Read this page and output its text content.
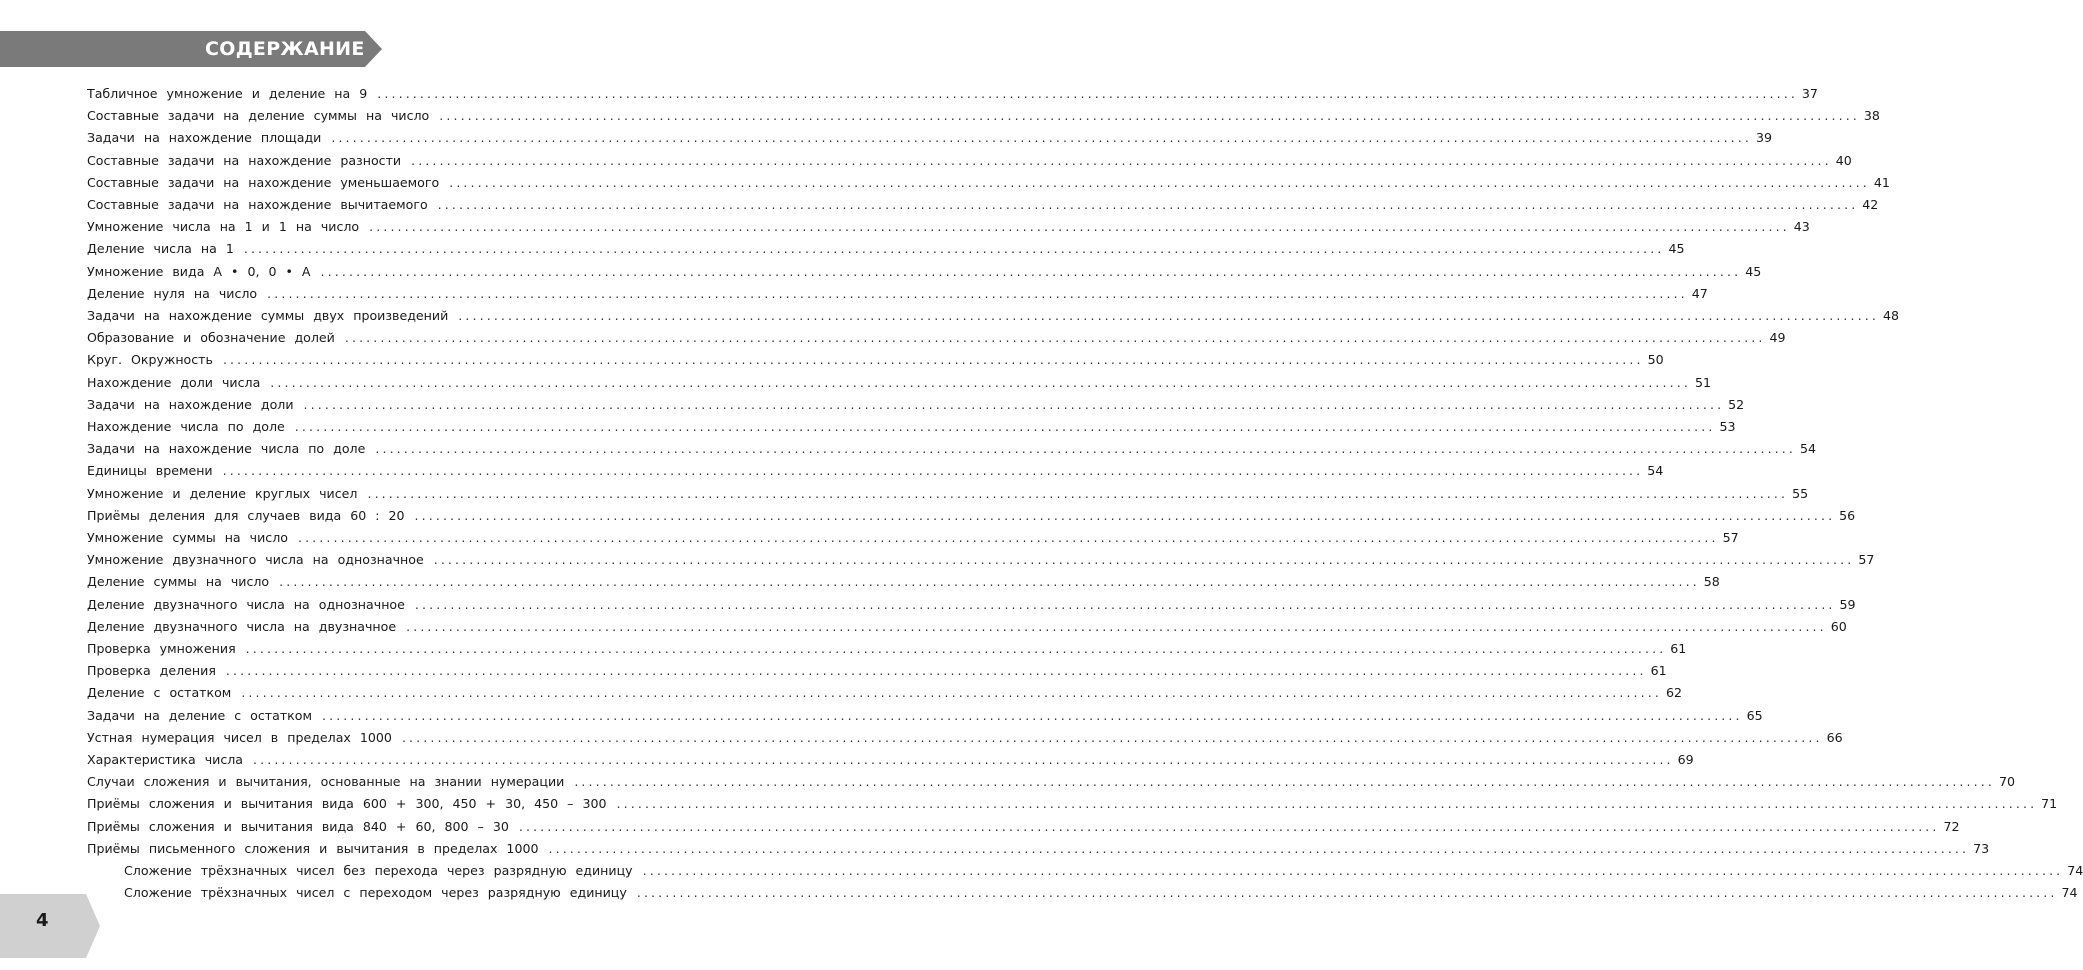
СОДЕРЖАНИЕ
Табличное умножение и деление на 9 ........................................................................................................................................................................................................ 37
Составные задачи на деление суммы на число ........................................................................................................................................................................................................ 38
Задачи на нахождение площади ........................................................................................................................................................................................................ 39
Составные задачи на нахождение разности ........................................................................................................................................................................................................ 40
Составные задачи на нахождение уменьшаемого ........................................................................................................................................................................................................ 41
Составные задачи на нахождение вычитаемого ........................................................................................................................................................................................................ 42
Умножение числа на 1 и 1 на число ........................................................................................................................................................................................................ 43
Деление числа на 1 ........................................................................................................................................................................................................ 45
Умножение вида А • 0, 0 • А ........................................................................................................................................................................................................ 45
Деление нуля на число ........................................................................................................................................................................................................ 47
Задачи на нахождение суммы двух произведений ........................................................................................................................................................................................................ 48
Образование и обозначение долей ........................................................................................................................................................................................................ 49
Круг. Окружность ........................................................................................................................................................................................................ 50
Нахождение доли числа ........................................................................................................................................................................................................ 51
Задачи на нахождение доли ........................................................................................................................................................................................................ 52
Нахождение числа по доле ........................................................................................................................................................................................................ 53
Задачи на нахождение числа по доле ........................................................................................................................................................................................................ 54
Единицы времени ........................................................................................................................................................................................................ 54
Умножение и деление круглых чисел ........................................................................................................................................................................................................ 55
Приёмы деления для случаев вида 60 : 20 ........................................................................................................................................................................................................ 56
Умножение суммы на число ........................................................................................................................................................................................................ 57
Умножение двузначного числа на однозначное ........................................................................................................................................................................................................ 57
Деление суммы на число ........................................................................................................................................................................................................ 58
Деление двузначного числа на однозначное ........................................................................................................................................................................................................ 59
Деление двузначного числа на двузначное ........................................................................................................................................................................................................ 60
Проверка умножения ........................................................................................................................................................................................................ 61
Проверка деления ........................................................................................................................................................................................................ 61
Деление с остатком ........................................................................................................................................................................................................ 62
Задачи на деление с остатком ........................................................................................................................................................................................................ 65
Устная нумерация чисел в пределах 1000 ........................................................................................................................................................................................................ 66
Характеристика числа ........................................................................................................................................................................................................ 69
Случаи сложения и вычитания, основанные на знании нумерации ........................................................................................................................................................................................................ 70
Приёмы сложения и вычитания вида 600 + 300, 450 + 30, 450 – 300 ........................................................................................................................................................................................................ 71
Приёмы сложения и вычитания вида 840 + 60, 800 – 30 ........................................................................................................................................................................................................ 72
Приёмы письменного сложения и вычитания в пределах 1000 ........................................................................................................................................................................................................ 73
Сложение трёхзначных чисел без перехода через разрядную единицу ........................................................................................................................................................................................................ 74
Сложение трёхзначных чисел с переходом через разрядную единицу ........................................................................................................................................................................................................ 74
4
